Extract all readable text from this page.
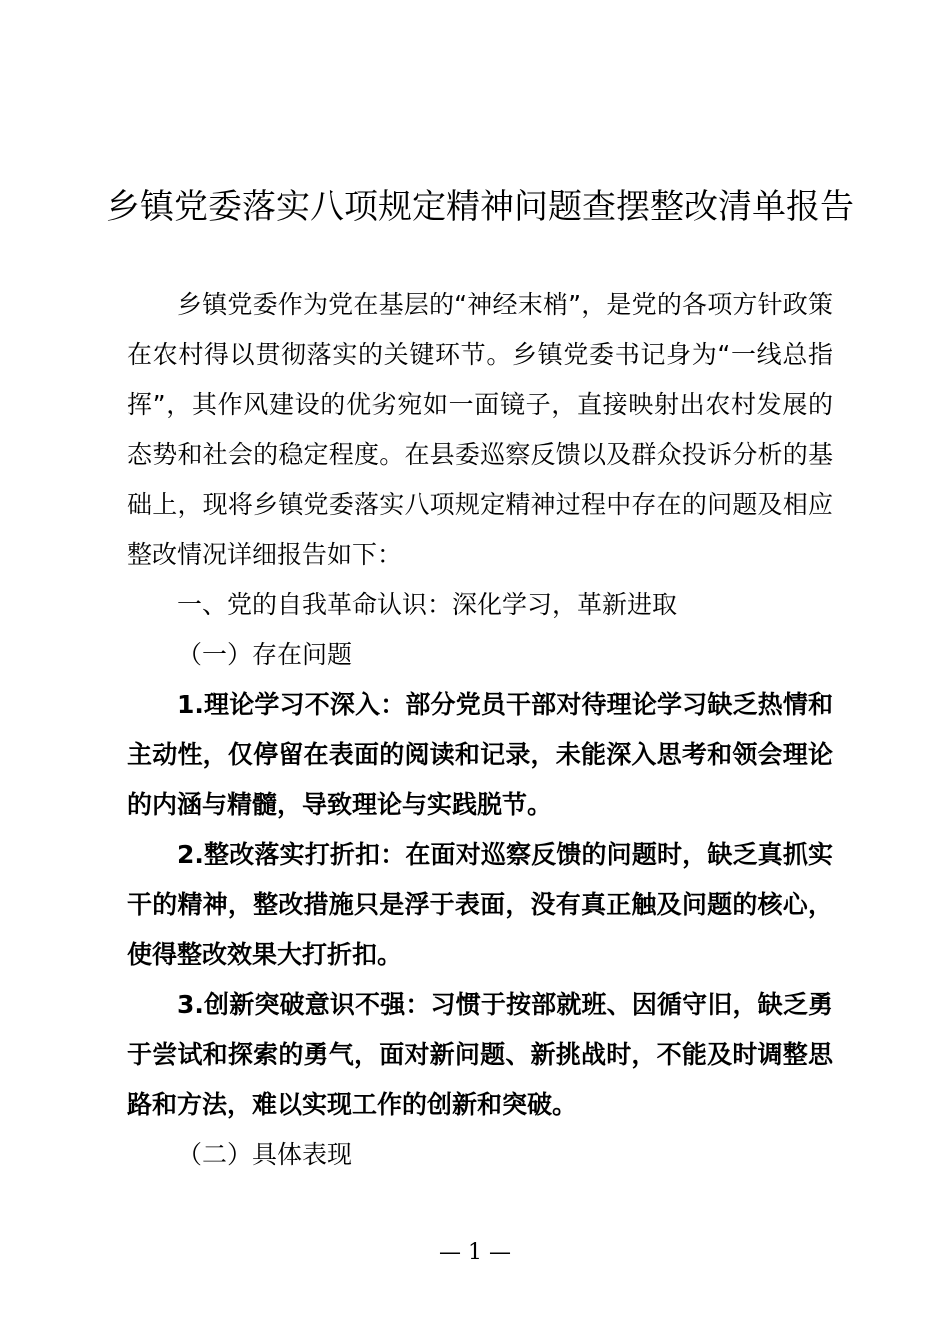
乡镇党委落实八项规定精神问题查摆整改清单报告

乡镇党委作为党在基层的“神经末梢”，是党的各项方针政策在农村得以贯彻落实的关键环节。乡镇党委书记身为“一线总指挥”，其作风建设的优劣宛如一面镜子，直接映射出农村发展的态势和社会的稳定程度。在县委巡察反馈以及群众投诉分析的基础上，现将乡镇党委落实八项规定精神过程中存在的问题及相应整改情况详细报告如下：

一、党的自我革命认识：深化学习，革新进取

（一）存在问题

1.理论学习不深入：部分党员干部对待理论学习缺乏热情和主动性，仅停留在表面的阅读和记录，未能深入思考和领会理论的内涵与精髓，导致理论与实践脱节。

2.整改落实打折扣：在面对巡察反馈的问题时，缺乏真抓实干的精神，整改措施只是浮于表面，没有真正触及问题的核心，使得整改效果大打折扣。

3.创新突破意识不强：习惯于按部就班、因循守旧，缺乏勇于尝试和探索的勇气，面对新问题、新挑战时，不能及时调整思路和方法，难以实现工作的创新和突破。

（二）具体表现

— 1 —
